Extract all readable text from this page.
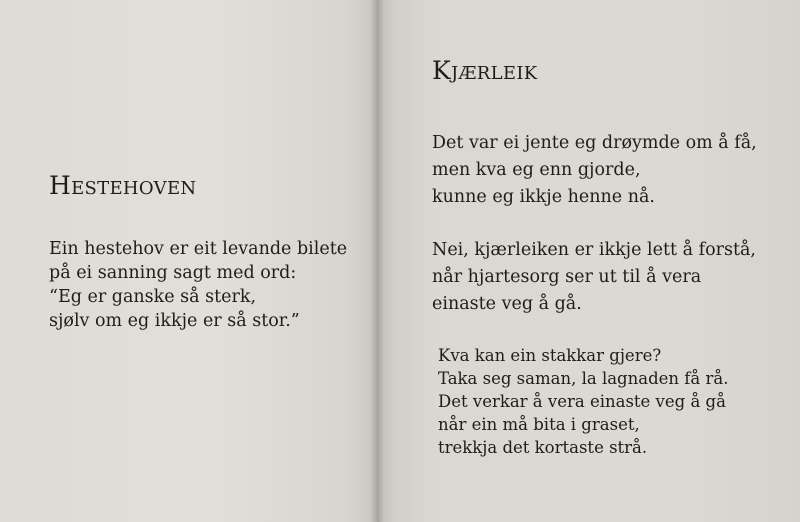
Hestehoven

Ein hestehov er eit levande bilete
på ei sanning sagt med ord:
“Eg er ganske så sterk,
sjølv om eg ikkje er så stor.”

Kjærleik

Det var ei jente eg drøymde om å få,
men kva eg enn gjorde,
kunne eg ikkje henne nå.

Nei, kjærleiken er ikkje lett å forstå,
når hjartesorg ser ut til å vera
einaste veg å gå.

Kva kan ein stakkar gjere?
Taka seg saman, la lagnaden få rå.
Det verkar å vera einaste veg å gå
når ein må bita i graset,
trekkja det kortaste strå.
